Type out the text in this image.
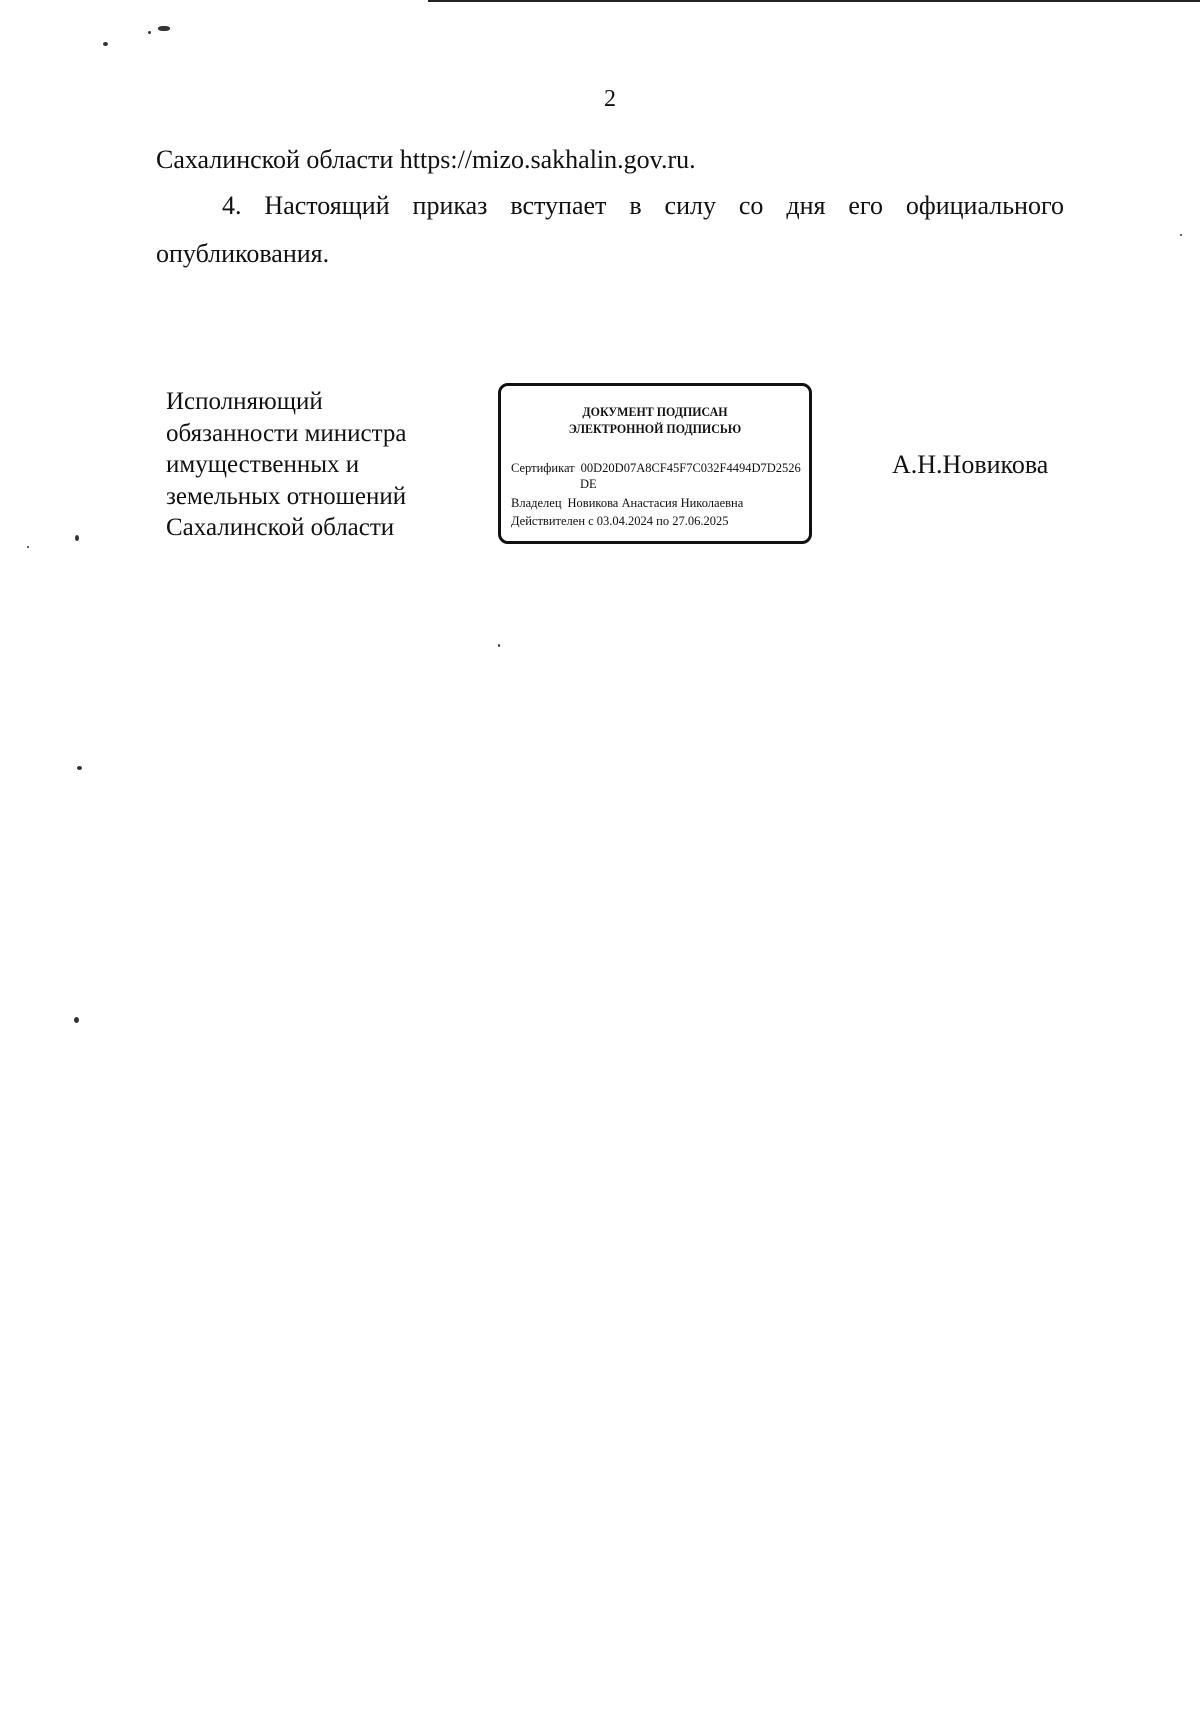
2

Сахалинской области https://mizo.sakhalin.gov.ru.

4. Настоящий приказ вступает в силу со дня его официального
опубликования.

Исполняющий
обязанности министра
имущественных и
земельных отношений
Сахалинской области
ДОКУМЕНТ ПОДПИСАН
ЭЛЕКТРОННОЙ ПОДПИСЬЮ
Сертификат 00D20D07A8CF45F7C032F4494D7D2526
DE
Владелец Новикова Анастасия Николаевна
Действителен с 03.04.2024 по 27.06.2025
А.Н.Новикова
